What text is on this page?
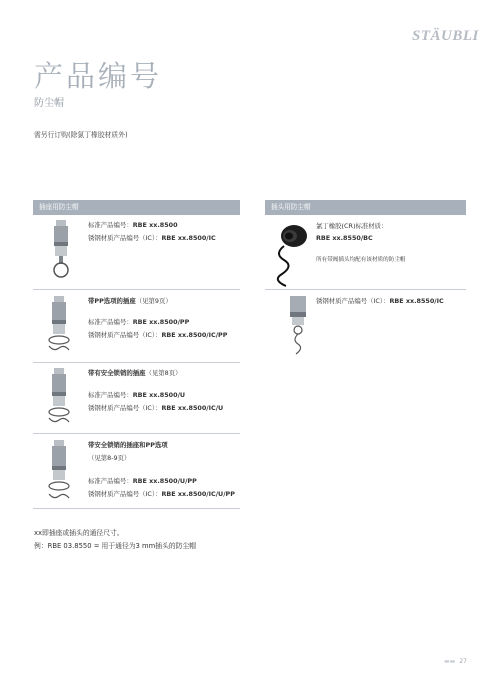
STÄUBLI
产品编号
防尘帽
需另行订购(除氯丁橡胶材质外)
插座用防尘帽
标准产品编号：RBE xx.8500
锈钢材质产品编号（IC）：RBE xx.8500/IC
带PP选项的插座（见第9页）
标准产品编号：RBE xx.8500/PP
锈钢材质产品编号（IC）：RBE xx.8500/IC/PP
带有安全锁销的插座（见第8页）
标准产品编号：RBE xx.8500/U
锈钢材质产品编号（IC）：RBE xx.8500/IC/U
带安全锁销的插座和PP选项
（见第8-9页）
标准产品编号：RBE xx.8500/U/PP
锈钢材质产品编号（IC）：RBE xx.8500/IC/U/PP
插头用防尘帽
氯丁橡胶(CR)标准材质：
RBE xx.8550/BC
所有带阀插头均配有该材质的防尘帽
锈钢材质产品编号（IC）：RBE xx.8550/IC
xx即插座或插头的通径尺寸。
例：RBE 03.8550 = 用于通径为3 mm插头的防尘帽
▬▬ 27
